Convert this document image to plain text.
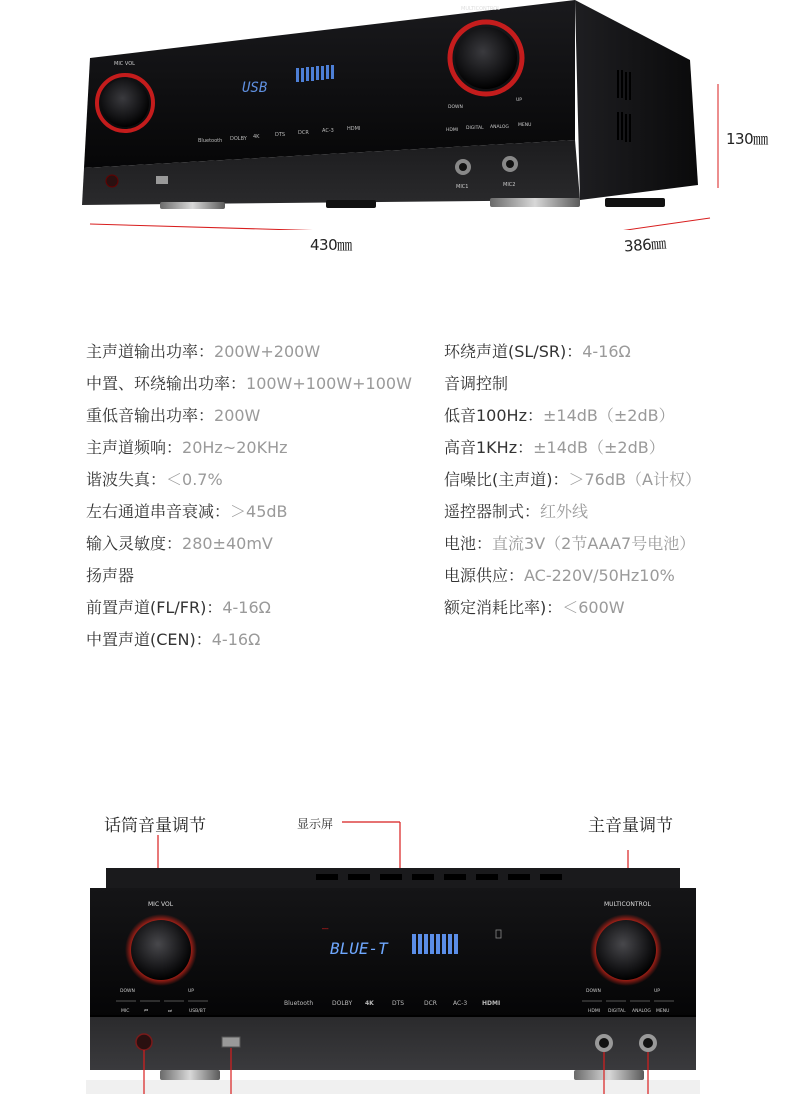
MIC VOL
MULTICONTROL
DOWN
UP
USB
Bluetooth DOLBY 4K	DTS	DCR	AC-3	HDMI	HDMI DIGITAL ANALOG MENU
MIC1	MIC2
430㎜	386㎜
130㎜
主声道输出功率：200W+200W
中置、环绕输出功率：100W+100W+100W
重低音输出功率：200W
主声道频响：20Hz~20KHz
谐波失真：＜0.7%
左右通道串音衰减：＞45dB
输入灵敏度：280±40mV
扬声器
前置声道(FL/FR)：4-16Ω
中置声道(CEN)：4-16Ω
环绕声道(SL/SR)：4-16Ω
音调控制
低音100Hz：±14dB（±2dB）
高音1KHz：±14dB（±2dB）
信噪比(主声道)：＞76dB（A计权）
遥控器制式：红外线
电池：直流3V（2节AAA7号电池）
电源供应：AC-220V/50Hz10%
额定消耗比率)：＜600W
话筒音量调节	显示屏	主音量调节
MIC VOL
DOWN	UP
MIC	⏮	⏭	USB/BT
MULTICONTROL
DOWN	UP
HDMI DIGITAL ANALOG MENU
BLUE-T
━━━
Bluetooth	DOLBY 4K	DTS	DCR	AC-3 HDMI
